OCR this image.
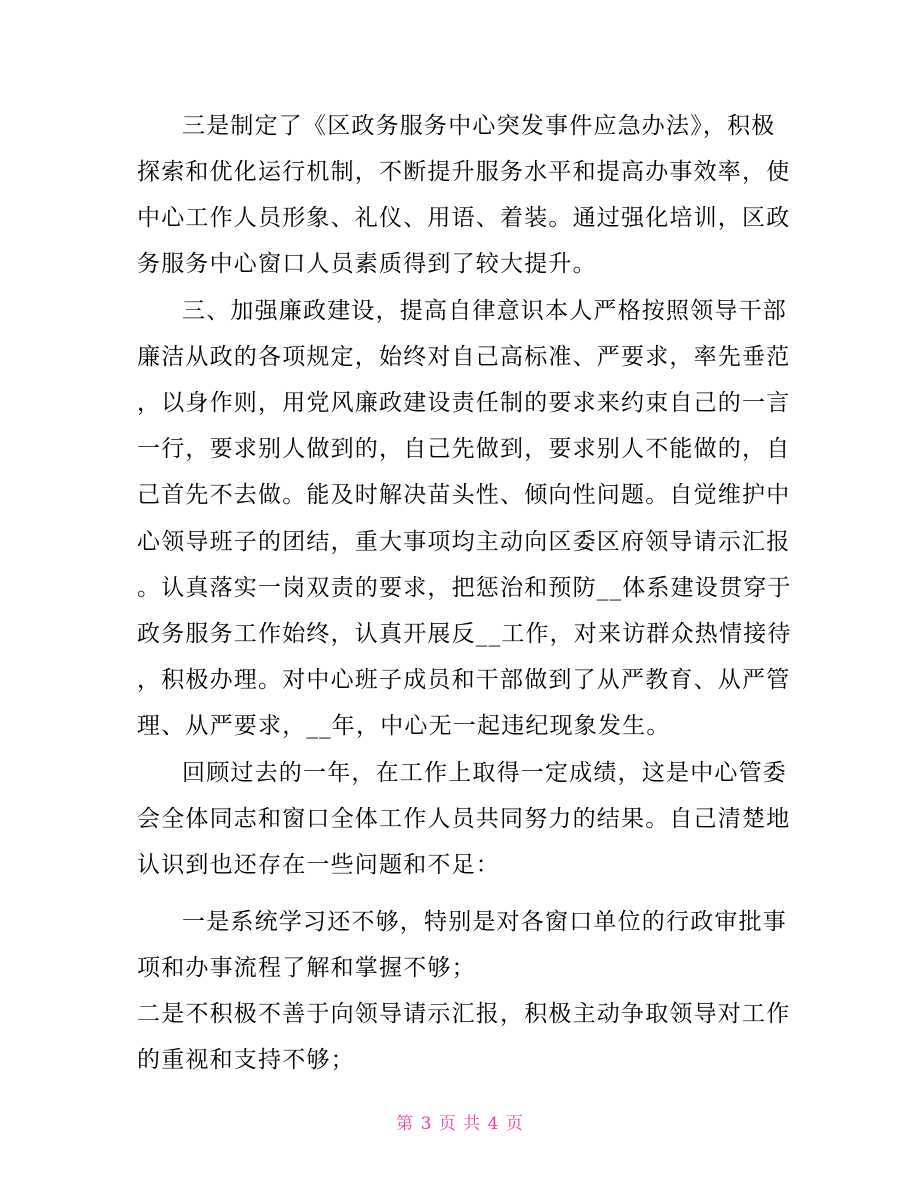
三是制定了《区政务服务中心突发事件应急办法》，积极
探索和优化运行机制，不断提升服务水平和提高办事效率，使
中心工作人员形象、礼仪、用语、着装。通过强化培训，区政
务服务中心窗口人员素质得到了较大提升。
三、加强廉政建设，提高自律意识本人严格按照领导干部
廉洁从政的各项规定，始终对自己高标准、严要求，率先垂范
，以身作则，用党风廉政建设责任制的要求来约束自己的一言
一行，要求别人做到的，自己先做到，要求别人不能做的，自
己首先不去做。能及时解决苗头性、倾向性问题。自觉维护中
心领导班子的团结，重大事项均主动向区委区府领导请示汇报
。认真落实一岗双责的要求，把惩治和预防__体系建设贯穿于
政务服务工作始终，认真开展反__工作，对来访群众热情接待
，积极办理。对中心班子成员和干部做到了从严教育、从严管
理、从严要求，__年，中心无一起违纪现象发生。
回顾过去的一年，在工作上取得一定成绩，这是中心管委
会全体同志和窗口全体工作人员共同努力的结果。自己清楚地
认识到也还存在一些问题和不足：
一是系统学习还不够，特别是对各窗口单位的行政审批事
项和办事流程了解和掌握不够；
二是不积极不善于向领导请示汇报，积极主动争取领导对工作
的重视和支持不够；
第 3 页 共 4 页
